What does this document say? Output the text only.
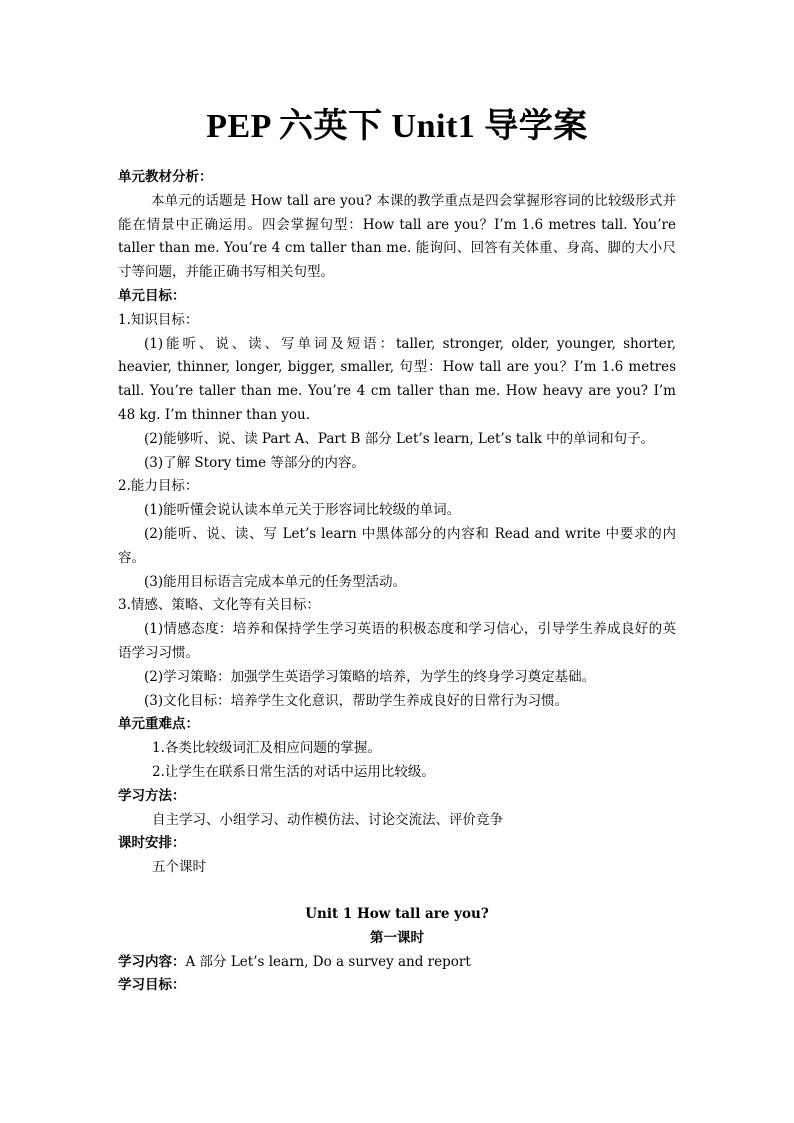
PEP 六英下 Unit1 导学案

单元教材分析：

本单元的话题是 How tall are you? 本课的教学重点是四会掌握形容词的比较级形式并能在情景中正确运用。四会掌握句型：How tall are you？I’m 1.6 metres tall. You’re taller than me. You’re 4 cm taller than me. 能询问、回答有关体重、身高、脚的大小尺寸等问题，并能正确书写相关句型。

单元目标：

1.知识目标：

(1)能听、说、读、写单词及短语：taller, stronger, older, younger, shorter, heavier, thinner, longer, bigger, smaller, 句型：How tall are you？I’m 1.6 metres tall. You’re taller than me. You’re 4 cm taller than me. How heavy are you? I’m 48 kg. I’m thinner than you.

(2)能够听、说、读 Part A、Part B 部分 Let’s learn, Let’s talk 中的单词和句子。

(3)了解 Story time 等部分的内容。

2.能力目标：

(1)能听懂会说认读本单元关于形容词比较级的单词。

(2)能听、说、读、写 Let’s learn 中黑体部分的内容和 Read and write 中要求的内容。

(3)能用目标语言完成本单元的任务型活动。

3.情感、策略、文化等有关目标：

(1)情感态度：培养和保持学生学习英语的积极态度和学习信心，引导学生养成良好的英语学习习惯。

(2)学习策略：加强学生英语学习策略的培养，为学生的终身学习奠定基础。

(3)文化目标：培养学生文化意识，帮助学生养成良好的日常行为习惯。

单元重难点：

1.各类比较级词汇及相应问题的掌握。

2.让学生在联系日常生活的对话中运用比较级。

学习方法：

自主学习、小组学习、动作模仿法、讨论交流法、评价竞争

课时安排：

五个课时

Unit 1 How tall are you?

第一课时

学习内容：A 部分 Let’s learn, Do a survey and report

学习目标：
